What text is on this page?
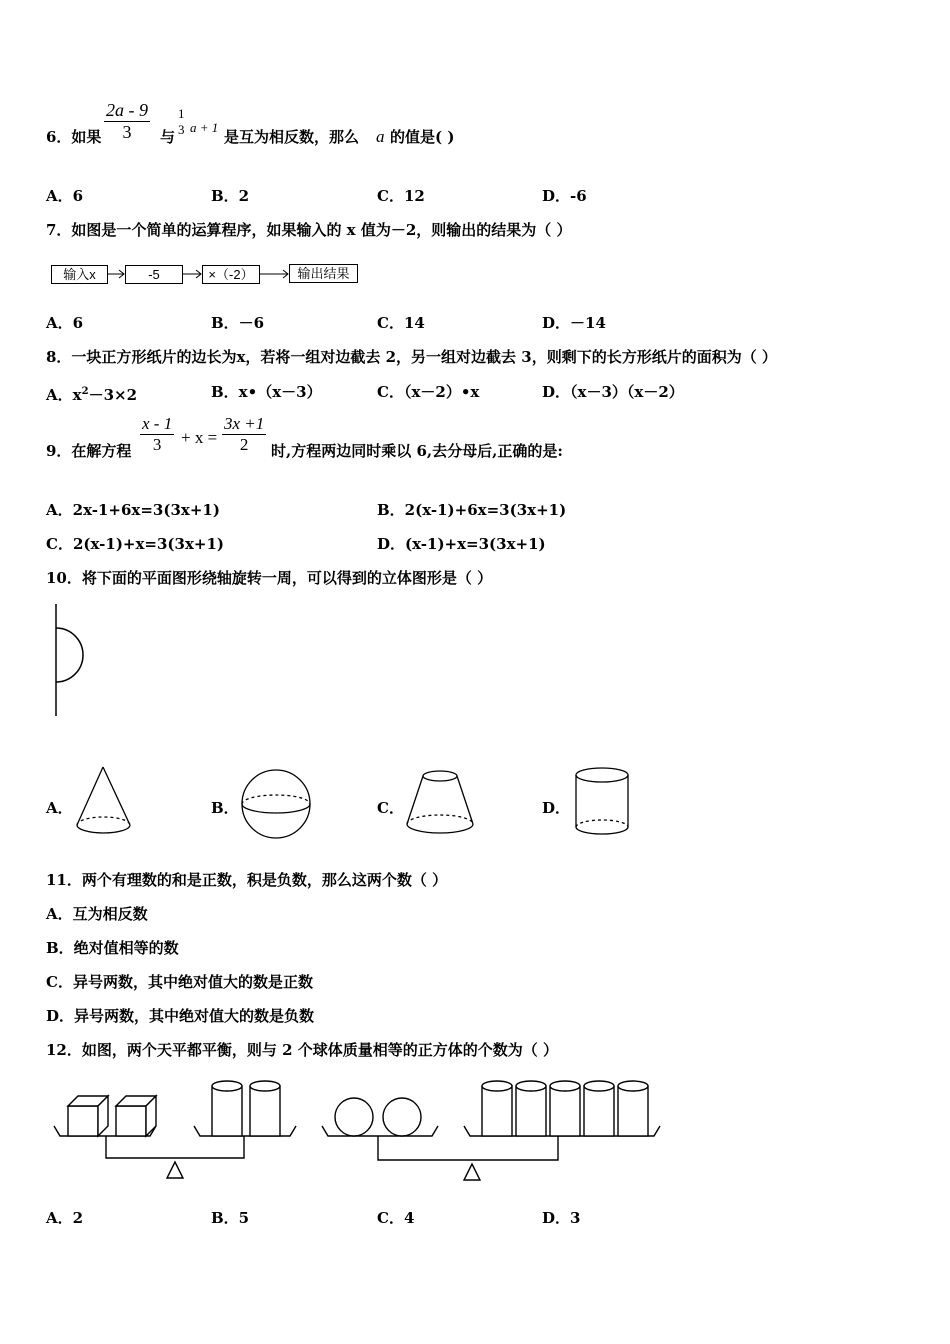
6．如果 $\frac{2a - 9}{3}$ 与
1
3 a + 1
是互为相反数，那么 a 的值是( )
A．6	B．2	C．12	D．-6
7．如图是一个简单的运算程序，如果输入的 x 值为－2，则输出的结果为（ ）
输入x	-5	×（-2）	输出结果
A．6	B．－6	C．14	D．－14
8．一块正方形纸片的边长为x，若将一组对边截去 2，另一组对边截去 3，则剩下的长方形纸片的面积为（ ）
A．$x^2-3\times 2$	B．x•（x－3）	C．（x－2）•x	D．（x－3）（x－2）
9．在解方程 $\frac{x - 1}{3} + x = \frac{3x +1}{2}$ 时,方程两边同时乘以 6,去分母后,正确的是:
A．2x-1+6x=3(3x+1)	B．2(x-1)+6x=3(3x+1)
C．2(x-1)+x=3(3x+1)	D．(x-1)+x=3(3x+1)
10．将下面的平面图形绕轴旋转一周，可以得到的立体图形是（ ）
A．	B．	C．	D．
11．两个有理数的和是正数，积是负数，那么这两个数（ ）
A．互为相反数
B．绝对值相等的数
C．异号两数，其中绝对值大的数是正数
D．异号两数，其中绝对值大的数是负数
12．如图，两个天平都平衡，则与 2 个球体质量相等的正方体的个数为（ ）
A．2	B．5	C．4	D．3
